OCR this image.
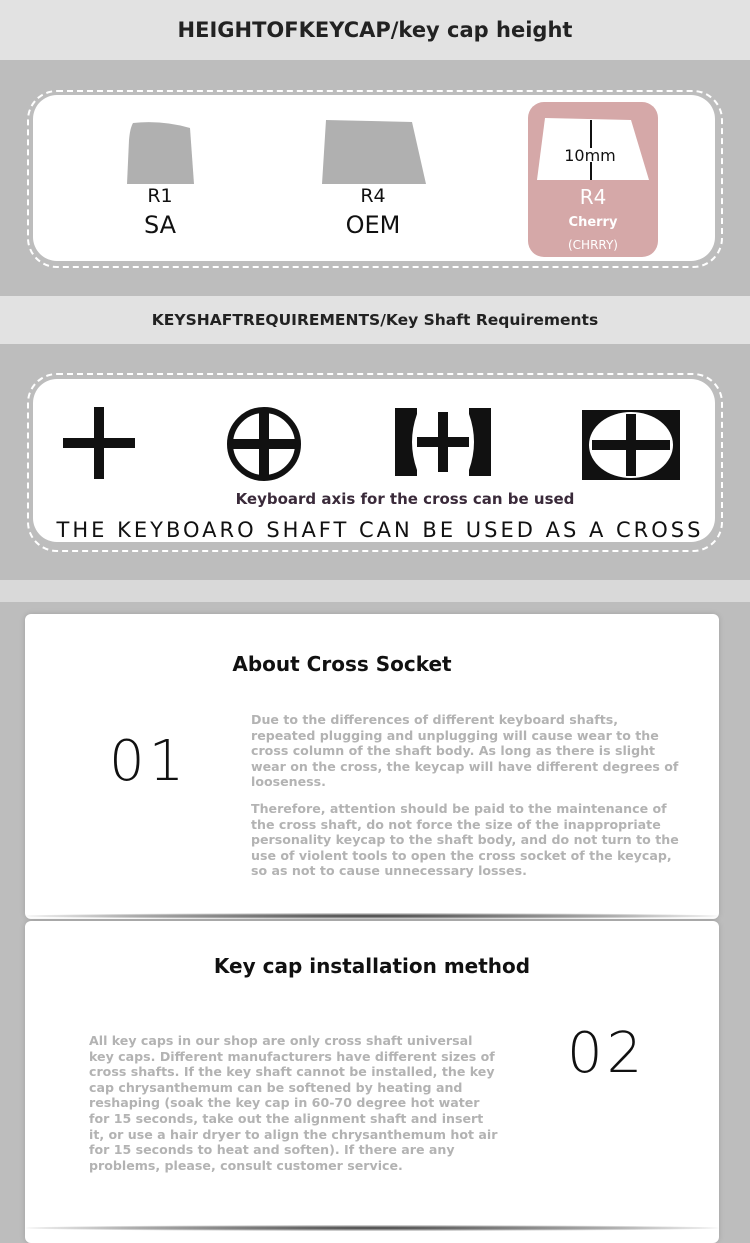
HEIGHTOFKEYCAP/key cap height
R1
SA
R4
OEM
10mm
R4
Cherry
(CHRRY)
KEYSHAFTREQUIREMENTS/Key Shaft Requirements
Keyboard axis for the cross can be used
THE KEYBOARO SHAFT CAN BE USED AS A CROSS
About Cross Socket
01
Due to the differences of different keyboard shafts, repeated plugging and unplugging will cause wear to the cross column of the shaft body. As long as there is slight wear on the cross, the keycap will have different degrees of looseness.
Therefore, attention should be paid to the maintenance of the cross shaft, do not force the size of the inappropriate personality keycap to the shaft body, and do not turn to the use of violent tools to open the cross socket of the keycap, so as not to cause unnecessary losses.
Key cap installation method
All key caps in our shop are only cross shaft universal key caps. Different manufacturers have different sizes of cross shafts. If the key shaft cannot be installed, the key cap chrysanthemum can be softened by heating and reshaping (soak the key cap in 60-70 degree hot water for 15 seconds, take out the alignment shaft and insert it, or use a hair dryer to align the chrysanthemum hot air for 15 seconds to heat and soften). If there are any problems, please, consult customer service.
02
